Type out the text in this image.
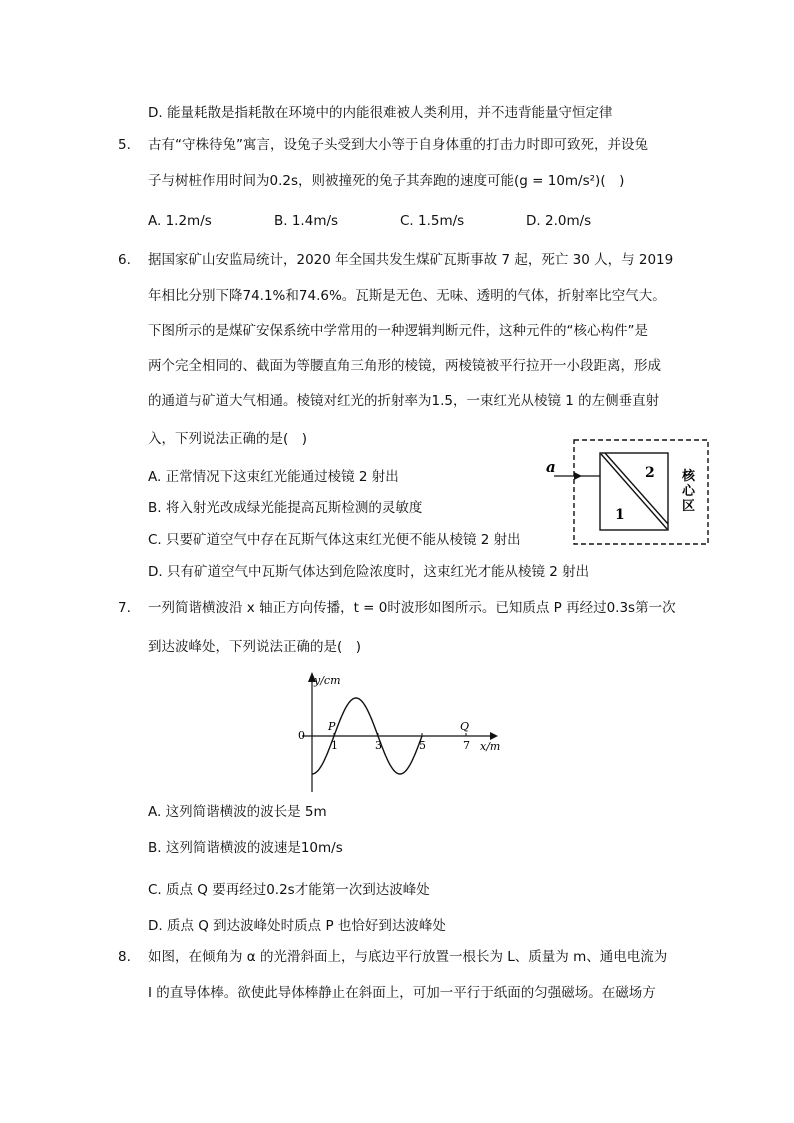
D. 能量耗散是指耗散在环境中的内能很难被人类利用，并不违背能量守恒定律
5. 古有“守株待兔”寓言，设兔子头受到大小等于自身体重的打击力时即可致死，并设兔
子与树桩作用时间为0.2s，则被撞死的兔子其奔跑的速度可能(g = 10m/s²)(　)
A. 1.2m/s	B. 1.4m/s	C. 1.5m/s	D. 2.0m/s
6. 据国家矿山安监局统计，2020 年全国共发生煤矿瓦斯事故 7 起，死亡 30 人，与 2019
年相比分别下降74.1%和74.6%。瓦斯是无色、无味、透明的气体，折射率比空气大。
下图所示的是煤矿安保系统中学常用的一种逻辑判断元件，这种元件的“核心构件”是
两个完全相同的、截面为等腰直角三角形的棱镜，两棱镜被平行拉开一小段距离，形成
的通道与矿道大气相通。棱镜对红光的折射率为1.5，一束红光从棱镜 1 的左侧垂直射
入，下列说法正确的是(　)
A. 正常情况下这束红光能通过棱镜 2 射出
B. 将入射光改成绿光能提高瓦斯检测的灵敏度
C. 只要矿道空气中存在瓦斯气体这束红光便不能从棱镜 2 射出
D. 只有矿道空气中瓦斯气体达到危险浓度时，这束红光才能从棱镜 2 射出
a
1
2 核
心
区
7. 一列简谐横波沿 x 轴正方向传播，t = 0时波形如图所示。已知质点 P 再经过0.3s第一次
到达波峰处，下列说法正确的是(　)
y/cm
x/m
0
1	3	5	7
P	Q
A. 这列简谐横波的波长是 5m
B. 这列简谐横波的波速是10m/s
C. 质点 Q 要再经过0.2s才能第一次到达波峰处
D. 质点 Q 到达波峰处时质点 P 也恰好到达波峰处
8. 如图，在倾角为 α 的光滑斜面上，与底边平行放置一根长为 L、质量为 m、通电电流为
I 的直导体棒。欲使此导体棒静止在斜面上，可加一平行于纸面的匀强磁场。在磁场方
